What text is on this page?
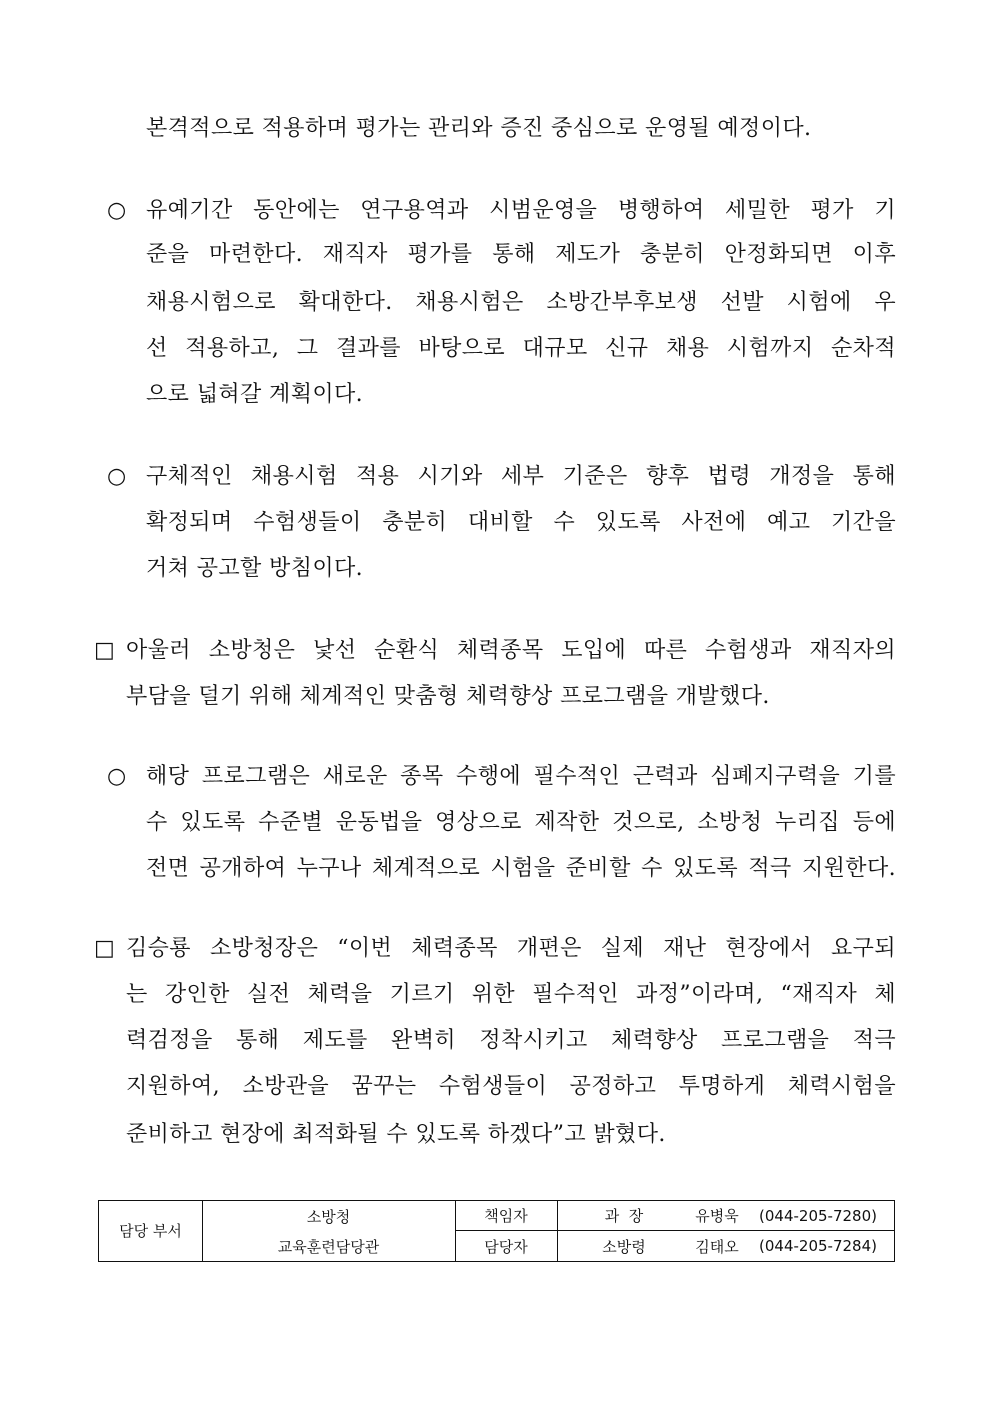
본격적으로 적용하며 평가는 관리와 증진 중심으로 운영될 예정이다.
○ 유예기간 동안에는 연구용역과 시범운영을 병행하여 세밀한 평가 기
준을 마련한다. 재직자 평가를 통해 제도가 충분히 안정화되면 이후
채용시험으로 확대한다. 채용시험은 소방간부후보생 선발 시험에 우
선 적용하고, 그 결과를 바탕으로 대규모 신규 채용 시험까지 순차적
으로 넓혀갈 계획이다.
○ 구체적인 채용시험 적용 시기와 세부 기준은 향후 법령 개정을 통해
확정되며 수험생들이 충분히 대비할 수 있도록 사전에 예고 기간을
거쳐 공고할 방침이다.
□ 아울러 소방청은 낯선 순환식 체력종목 도입에 따른 수험생과 재직자의
부담을 덜기 위해 체계적인 맞춤형 체력향상 프로그램을 개발했다.
○ 해당 프로그램은 새로운 종목 수행에 필수적인 근력과 심폐지구력을 기를
수 있도록 수준별 운동법을 영상으로 제작한 것으로, 소방청 누리집 등에
전면 공개하여 누구나 체계적으로 시험을 준비할 수 있도록 적극 지원한다.
□ 김승룡 소방청장은 “이번 체력종목 개편은 실제 재난 현장에서 요구되
는 강인한 실전 체력을 기르기 위한 필수적인 과정”이라며, “재직자 체
력검정을 통해 제도를 완벽히 정착시키고 체력향상 프로그램을 적극
지원하여, 소방관을 꿈꾸는 수험생들이 공정하고 투명하게 체력시험을
준비하고 현장에 최적화될 수 있도록 하겠다”고 밝혔다.
담당 부서
소방청
교육훈련담당관
책임자	과  장	유병욱	(044-205-7280)
담당자	소방령	김태오	(044-205-7284)
